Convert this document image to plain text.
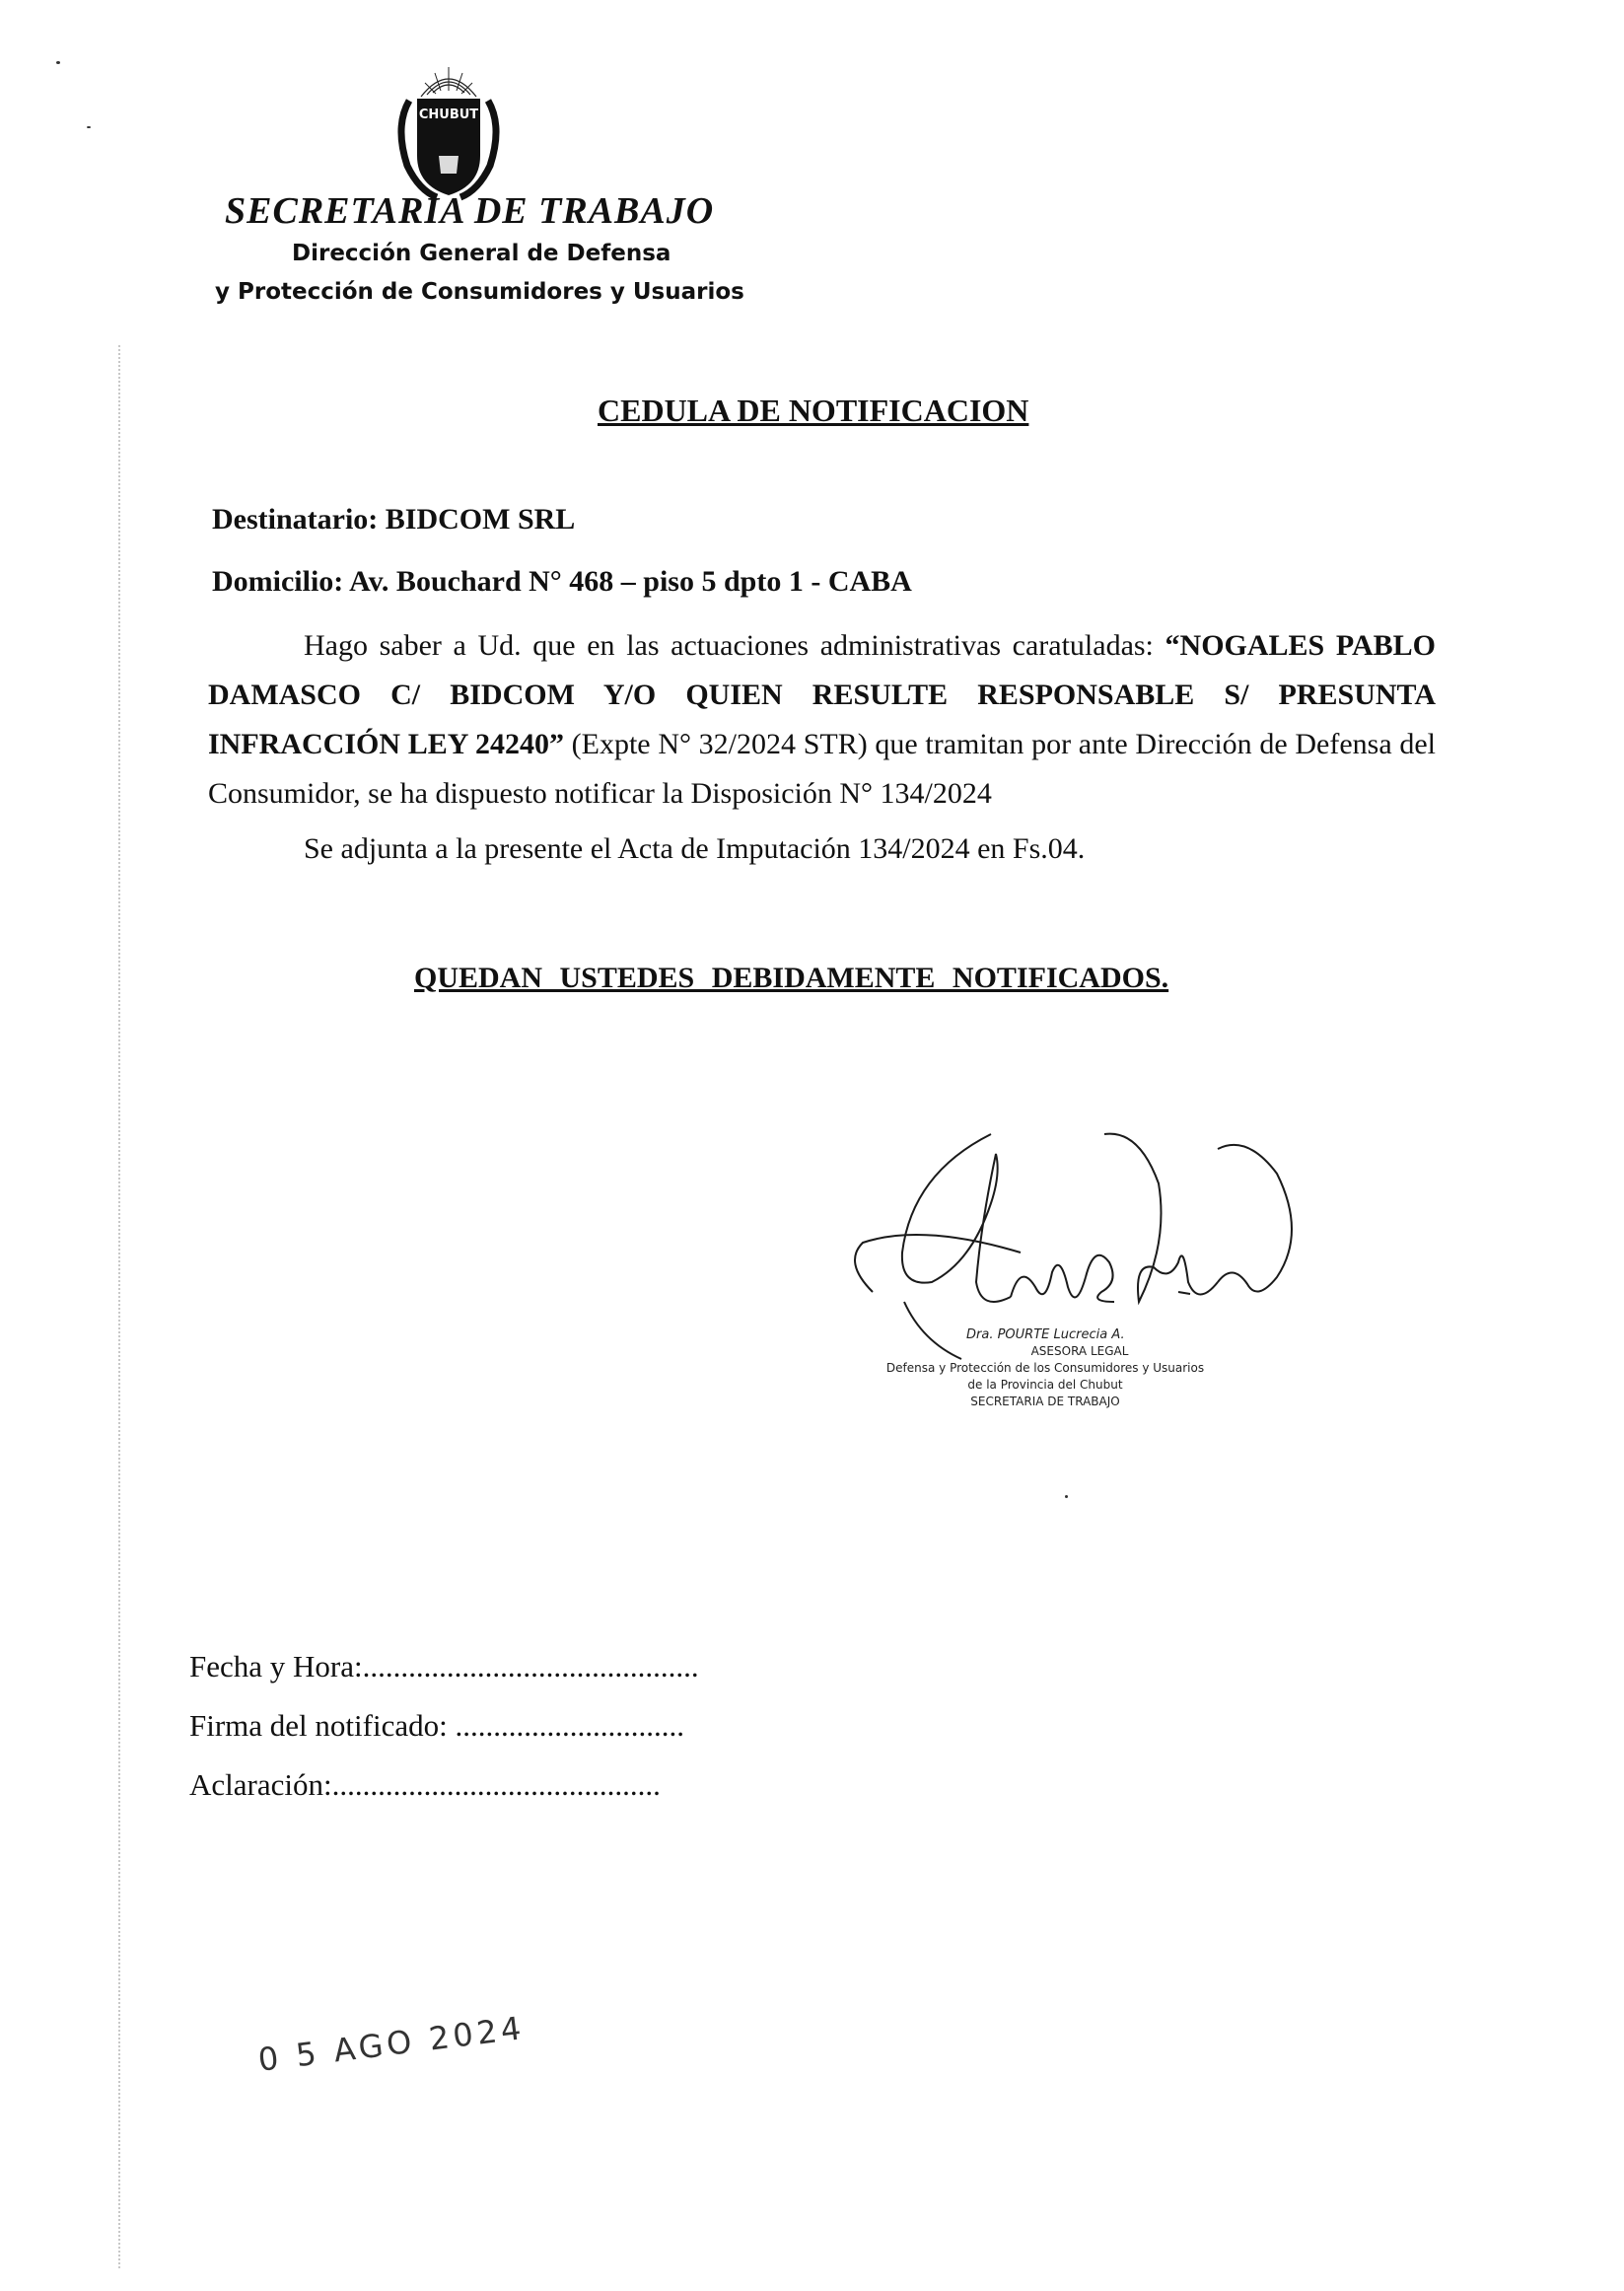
CHUBUT
SECRETARIA DE TRABAJO
Dirección General de Defensa
y Protección de Consumidores y Usuarios
CEDULA DE NOTIFICACION
Destinatario: BIDCOM SRL
Domicilio: Av. Bouchard N° 468 – piso 5 dpto 1 - CABA

Hago saber a Ud. que en las actuaciones administrativas caratuladas: “NOGALES PABLO DAMASCO C/ BIDCOM Y/O QUIEN RESULTE RESPONSABLE S/ PRESUNTA INFRACCIÓN LEY 24240” (Expte N° 32/2024 STR) que tramitan por ante Dirección de Defensa del Consumidor, se ha dispuesto notificar la Disposición N° 134/2024

Se adjunta a la presente el Acta de Imputación 134/2024 en Fs.04.

QUEDAN USTEDES DEBIDAMENTE NOTIFICADOS.
Dra. POURTE Lucrecia A.
ASESORA LEGAL
Defensa y Protección de los Consumidores y Usuarios
de la Provincia del Chubut
SECRETARIA DE TRABAJO
Fecha y Hora:............................................
Firma del notificado: ..............................
Aclaración:...........................................
0 5 AGO 2024
